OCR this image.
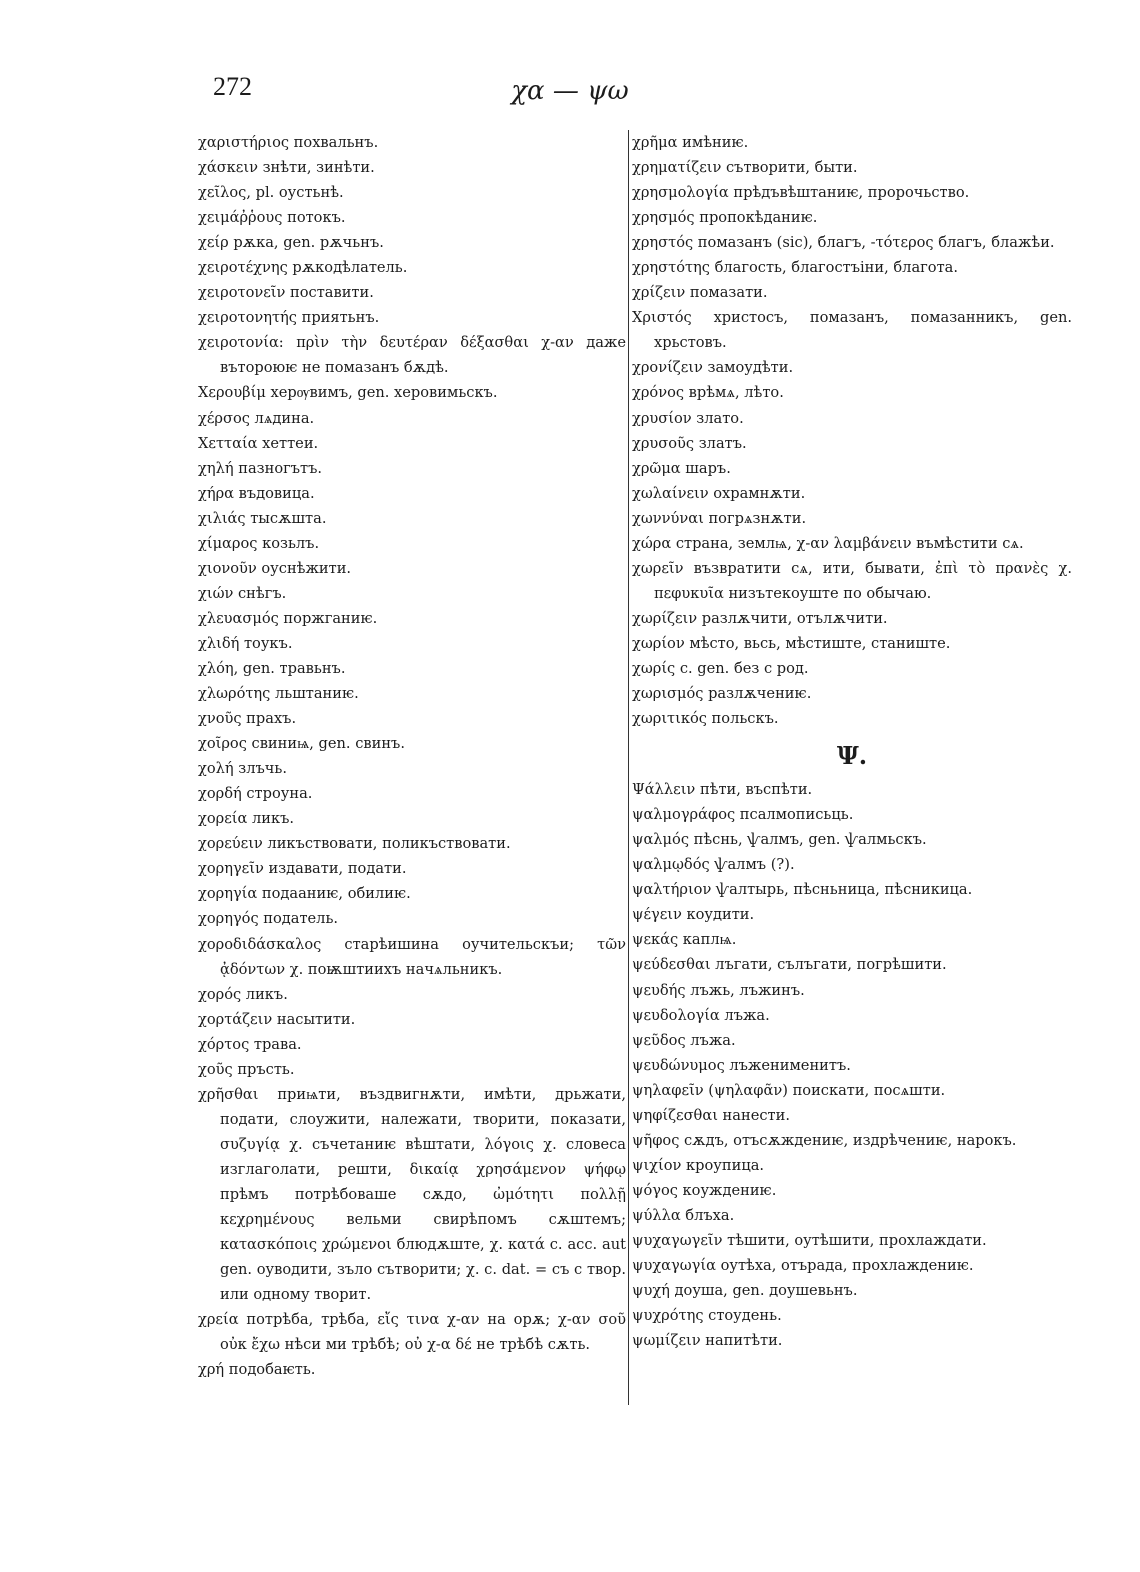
272	χα — ψω
χαριστήριος похвальнъ.
χάσκειν знѣти, зинѣти.
χεῖλος, pl. оустьнѣ.
χειμάῤῥους потокъ.
χείρ рѫка, gen. рѫчьнъ.
χειροτέχνης рѫкодѣлатель.
χειροτονεῖν поставити.
χειροτονητής приятьнъ.
χειροτονία: πρὶν τὴν δευτέραν δέξασθαι χ-αν даже вътороюѥ не помазанъ бѫдѣ.
Χερουβίμ херѹвимъ, gen. херовимьскъ.
χέρσος лѧдина.
Χετταία хеттеи.
χηλή пазногътъ.
χήρα въдовица.
χιλιάς тысѫшта.
χίμαρος козьлъ.
χιονοῦν оуснѣжити.
χιών снѣгъ.
χλευασμός поржганиѥ.
χλιδή тоукъ.
χλόη, gen. травьнъ.
χλωρότης льштаниѥ.
χνοῦς прахъ.
χοῖρος свиниѩ, gen. свинъ.
χολή злъчь.
χορδή строуна.
χορεία ликъ.
χορεύειν ликъствовати, поликъствовати.
χορηγεῖν издавати, подати.
χορηγία подааниѥ, обилиѥ.
χορηγός податель.
χοροδιδάσκαλος старѣишина оучительскъи; τῶν ᾀδόντων χ. поѭштиихъ начѧльникъ.
χορός ликъ.
χορτάζειν насытити.
χόρτος трава.
χοῦς пръсть.
χρῆσθαι приѩти, въздвигнѫти, имѣти, дрьжати, подати, слоужити, належати, творити, показати, συζυγίᾳ χ. съчетаниѥ вѣштати, λόγοις χ. словеса изглаголати, решти, δικαίᾳ χρησάμενον ψήφῳ прѣмъ потрѣбоваше сѫдо, ὠμότητι πολλῇ κεχρημένους вельми свирѣпомъ сѫштемъ; κατασκόποις χρώμενοι блюдѫште, χ. κατά c. acc. aut gen. оуводити, зъло сътворити; χ. c. dat. = съ с твор. или одному творит.
χρεία потрѣба, трѣба, εἴς τινα χ-αν на орѫ; χ-αν σοῦ οὐκ ἔχω нѣси ми трѣбѣ; οὐ χ-α δέ не трѣбѣ сѫть.
χρή подобаѥть.
χρῆμα имѣниѥ.
χρηματίζειν сътворити, быти.
χρησμολογία прѣдъвѣштаниѥ, пророчьство.
χρησμός пропокѣданиѥ.
χρηστός помазанъ (sic), благъ, -τότερος благъ, блажѣи.
χρηστότης благость, благостъіни, благота.
χρίζειν помазати.
Χριστός христосъ, помазанъ, помазанникъ, gen. хрьстовъ.
χρονίζειν замоудѣти.
χρόνος врѣмѧ, лѣто.
χρυσίον злато.
χρυσοῦς златъ.
χρῶμα шаръ.
χωλαίνειν охрамнѫти.
χωννύναι погрѧзнѫти.
χώρα страна, землѩ, χ-αν λαμβάνειν въмѣстити сѧ.
χωρεῖν възвратити сѧ, ити, бывати, ἐπὶ τὸ πρανὲς χ. πεφυκυῖα низътекоуште по обычаю.
χωρίζειν разлѫчити, отълѫчити.
χωρίον мѣсто, вьсь, мѣстиште, станиште.
χωρίς c. gen. без с род.
χωρισμός разлѫчениѥ.
χωριτικός польскъ.
Ψ.
Ψάλλειν пѣти, въспѣти.
ψαλμογράφος псалмописьць.
ψαλμός пѣснь, ѱалмъ, gen. ѱалмьскъ.
ψαλμῳδός ѱалмъ (?).
ψαλτήριον ѱалтырь, пѣсньница, пѣсникица.
ψέγειν коудити.
ψεκάς каплѩ.
ψεύδεσθαι лъгати, сълъгати, погрѣшити.
ψευδής лъжь, лъжинъ.
ψευδολογία лъжа.
ψεῦδος лъжа.
ψευδώνυμος лъженименитъ.
ψηλαφεῖν (ψηλαφᾶν) поискати, посѧшти.
ψηφίζεσθαι нанести.
ψῆφος сѫдъ, отъсѫждениѥ, издрѣчениѥ, нарокъ.
ψιχίον кроупица.
ψόγος коуждениѥ.
ψύλλα блъха.
ψυχαγωγεῖν тѣшити, оутѣшити, прохлаждати.
ψυχαγωγία оутѣха, отърада, прохлаждениѥ.
ψυχή доуша, gen. доушевьнъ.
ψυχρότης стоудень.
ψωμίζειν напитѣти.
